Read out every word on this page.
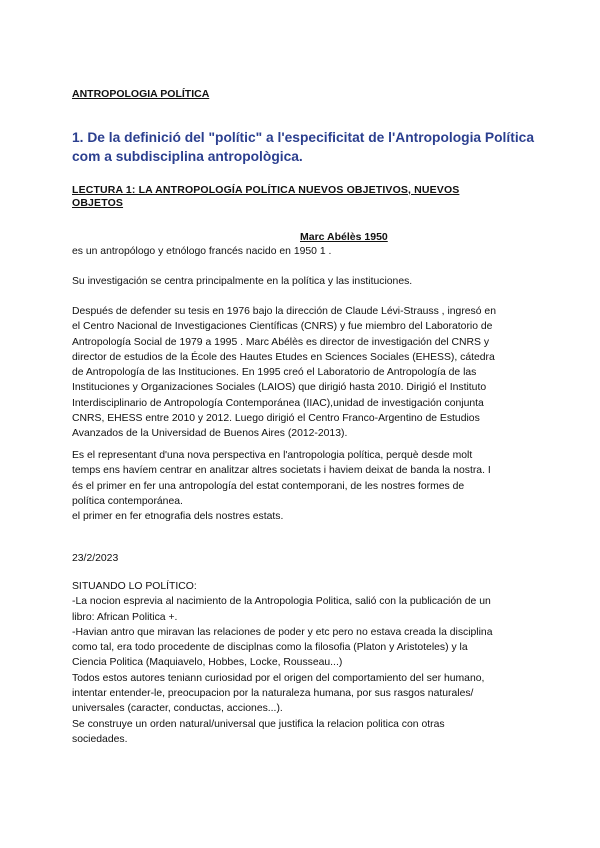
ANTROPOLOGIA POLÍTICA
1. De la definició del "polític" a l'especificitat de l'Antropologia Política com a subdisciplina antropològica.
LECTURA 1: LA ANTROPOLOGÍA POLÍTICA NUEVOS OBJETIVOS, NUEVOS OBJETOS
Marc Abélès 1950
es un antropólogo y etnólogo francés nacido en 1950 1 .
Su investigación se centra principalmente en la política y las instituciones.
Después de defender su tesis en 1976 bajo la dirección de Claude Lévi-Strauss , ingresó en
el Centro Nacional de Investigaciones Científicas (CNRS) y fue miembro del Laboratorio de
Antropología Social de 1979 a 1995 . Marc Abélès es director de investigación del CNRS y
director de estudios de la École des Hautes Etudes en Sciences Sociales (EHESS), cátedra
de Antropología de las Instituciones. En 1995 creó el Laboratorio de Antropología de las
Instituciones y Organizaciones Sociales (LAIOS) que dirigió hasta 2010. Dirigió el Instituto
Interdisciplinario de Antropología Contemporánea (IIAC),unidad de investigación conjunta
CNRS, EHESS entre 2010 y 2012. Luego dirigió el Centro Franco-Argentino de Estudios
Avanzados de la Universidad de Buenos Aires (2012-2013).
Es el representant d'una nova perspectiva en l'antropologia política, perquè desde molt
temps ens havíem centrar en analitzar altres societats i haviem deixat de banda la nostra. I
és el primer en fer una antropología del estat contemporani, de les nostres formes de
política contemporánea.
el primer en fer etnografia dels nostres estats.
23/2/2023
SITUANDO LO POLÍTICO:
-La nocion esprevia al nacimiento de la Antropologia Politica, salió con la publicación de un
libro: African Politica +.
-Havian antro que miravan las relaciones de poder y etc pero no estava creada la disciplina
como tal, era todo procedente de disciplnas como la filosofia (Platon y Aristoteles) y la
Ciencia Politica (Maquiavelo, Hobbes, Locke, Rousseau...)
Todos estos autores teniann curiosidad por el origen del comportamiento del ser humano,
intentar entender-le, preocupacion por la naturaleza humana, por sus rasgos naturales/
universales (caracter, conductas, acciones...).
Se construye un orden natural/universal que justifica la relacion politica con otras
sociedades.
